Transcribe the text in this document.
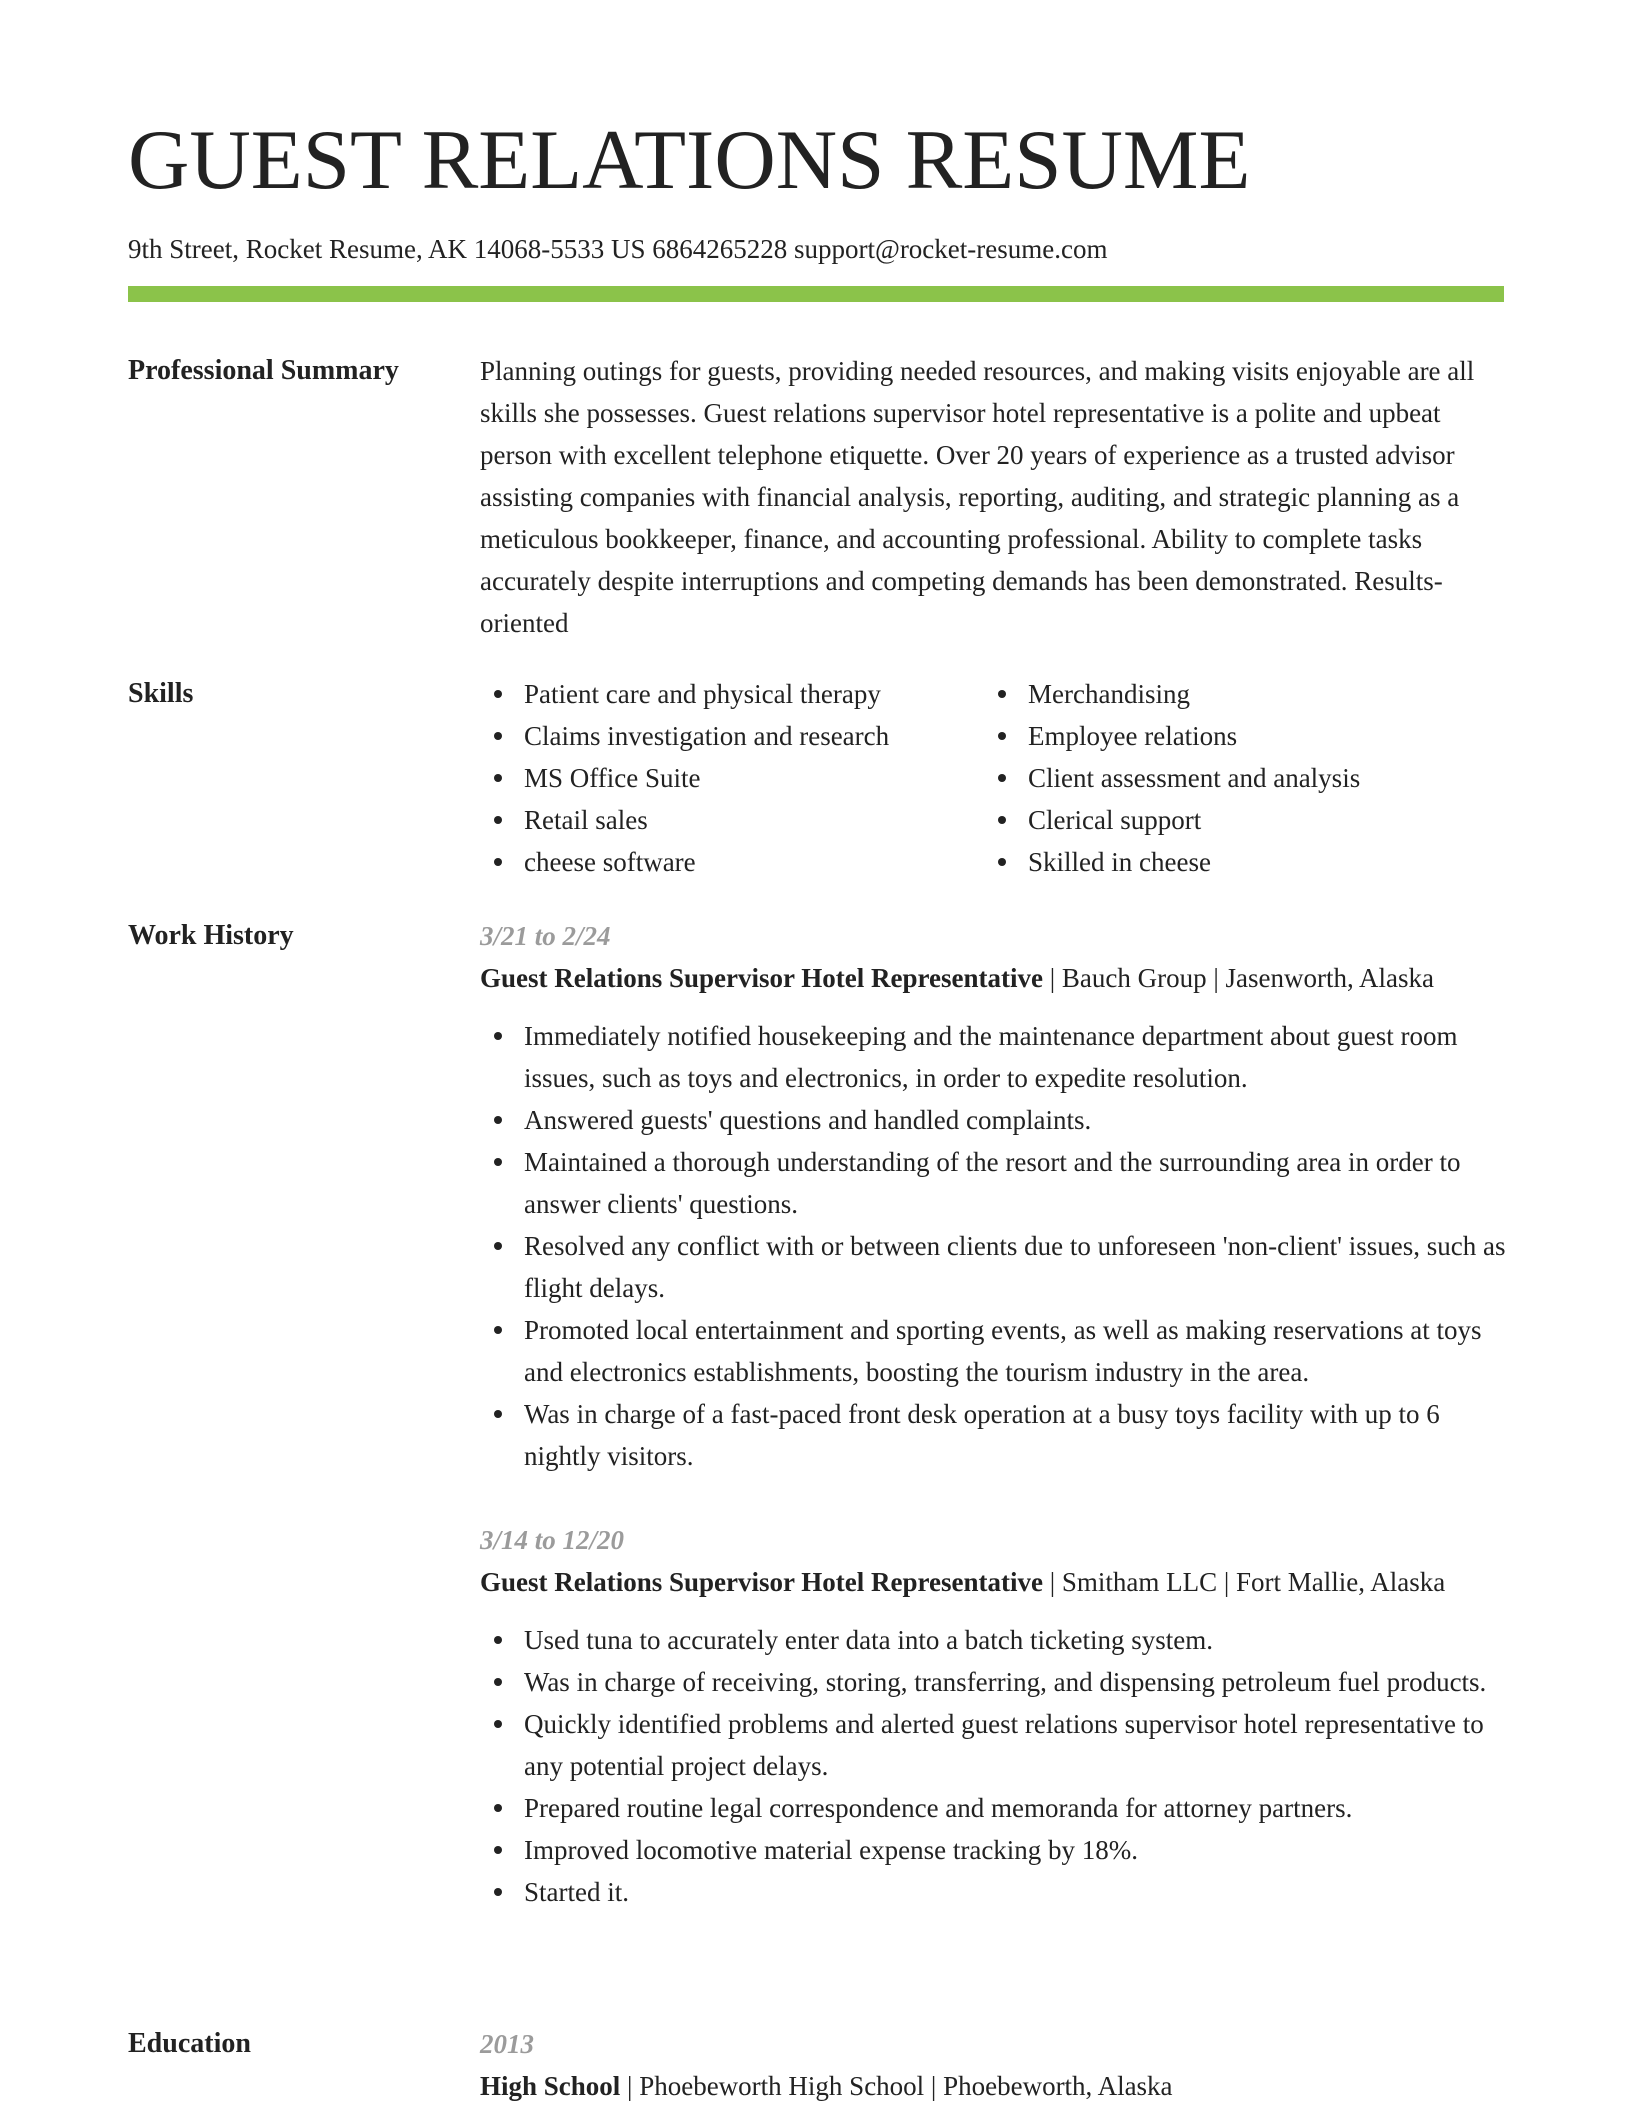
GUEST RELATIONS RESUME
9th Street, Rocket Resume, AK 14068-5533 US 6864265228 support@rocket-resume.com
Professional Summary	Planning outings for guests, providing needed resources, and making visits enjoyable are all skills she possesses. Guest relations supervisor hotel representative is a polite and upbeat person with excellent telephone etiquette. Over 20 years of experience as a trusted advisor assisting companies with financial analysis, reporting, auditing, and strategic planning as a meticulous bookkeeper, finance, and accounting professional. Ability to complete tasks accurately despite interruptions and competing demands has been demonstrated. Results-oriented

Skills	Patient care and physical therapy
Claims investigation and research
MS Office Suite
Retail sales
cheese software
Merchandising
Employee relations
Client assessment and analysis
Clerical support
Skilled in cheese
Work History	3/21 to 2/24
Guest Relations Supervisor Hotel Representative | Bauch Group | Jasenworth, Alaska
Immediately notified housekeeping and the maintenance department about guest room issues, such as toys and electronics, in order to expedite resolution.
Answered guests' questions and handled complaints.
Maintained a thorough understanding of the resort and the surrounding area in order to answer clients' questions.
Resolved any conflict with or between clients due to unforeseen 'non-client' issues, such as flight delays.
Promoted local entertainment and sporting events, as well as making reservations at toys and electronics establishments, boosting the tourism industry in the area.
Was in charge of a fast-paced front desk operation at a busy toys facility with up to 6 nightly visitors.
3/14 to 12/20
Guest Relations Supervisor Hotel Representative | Smitham LLC | Fort Mallie, Alaska
Used tuna to accurately enter data into a batch ticketing system.
Was in charge of receiving, storing, transferring, and dispensing petroleum fuel products.
Quickly identified problems and alerted guest relations supervisor hotel representative to any potential project delays.
Prepared routine legal correspondence and memoranda for attorney partners.
Improved locomotive material expense tracking by 18%.
Started it.
Education	2013
High School | Phoebeworth High School | Phoebeworth, Alaska
